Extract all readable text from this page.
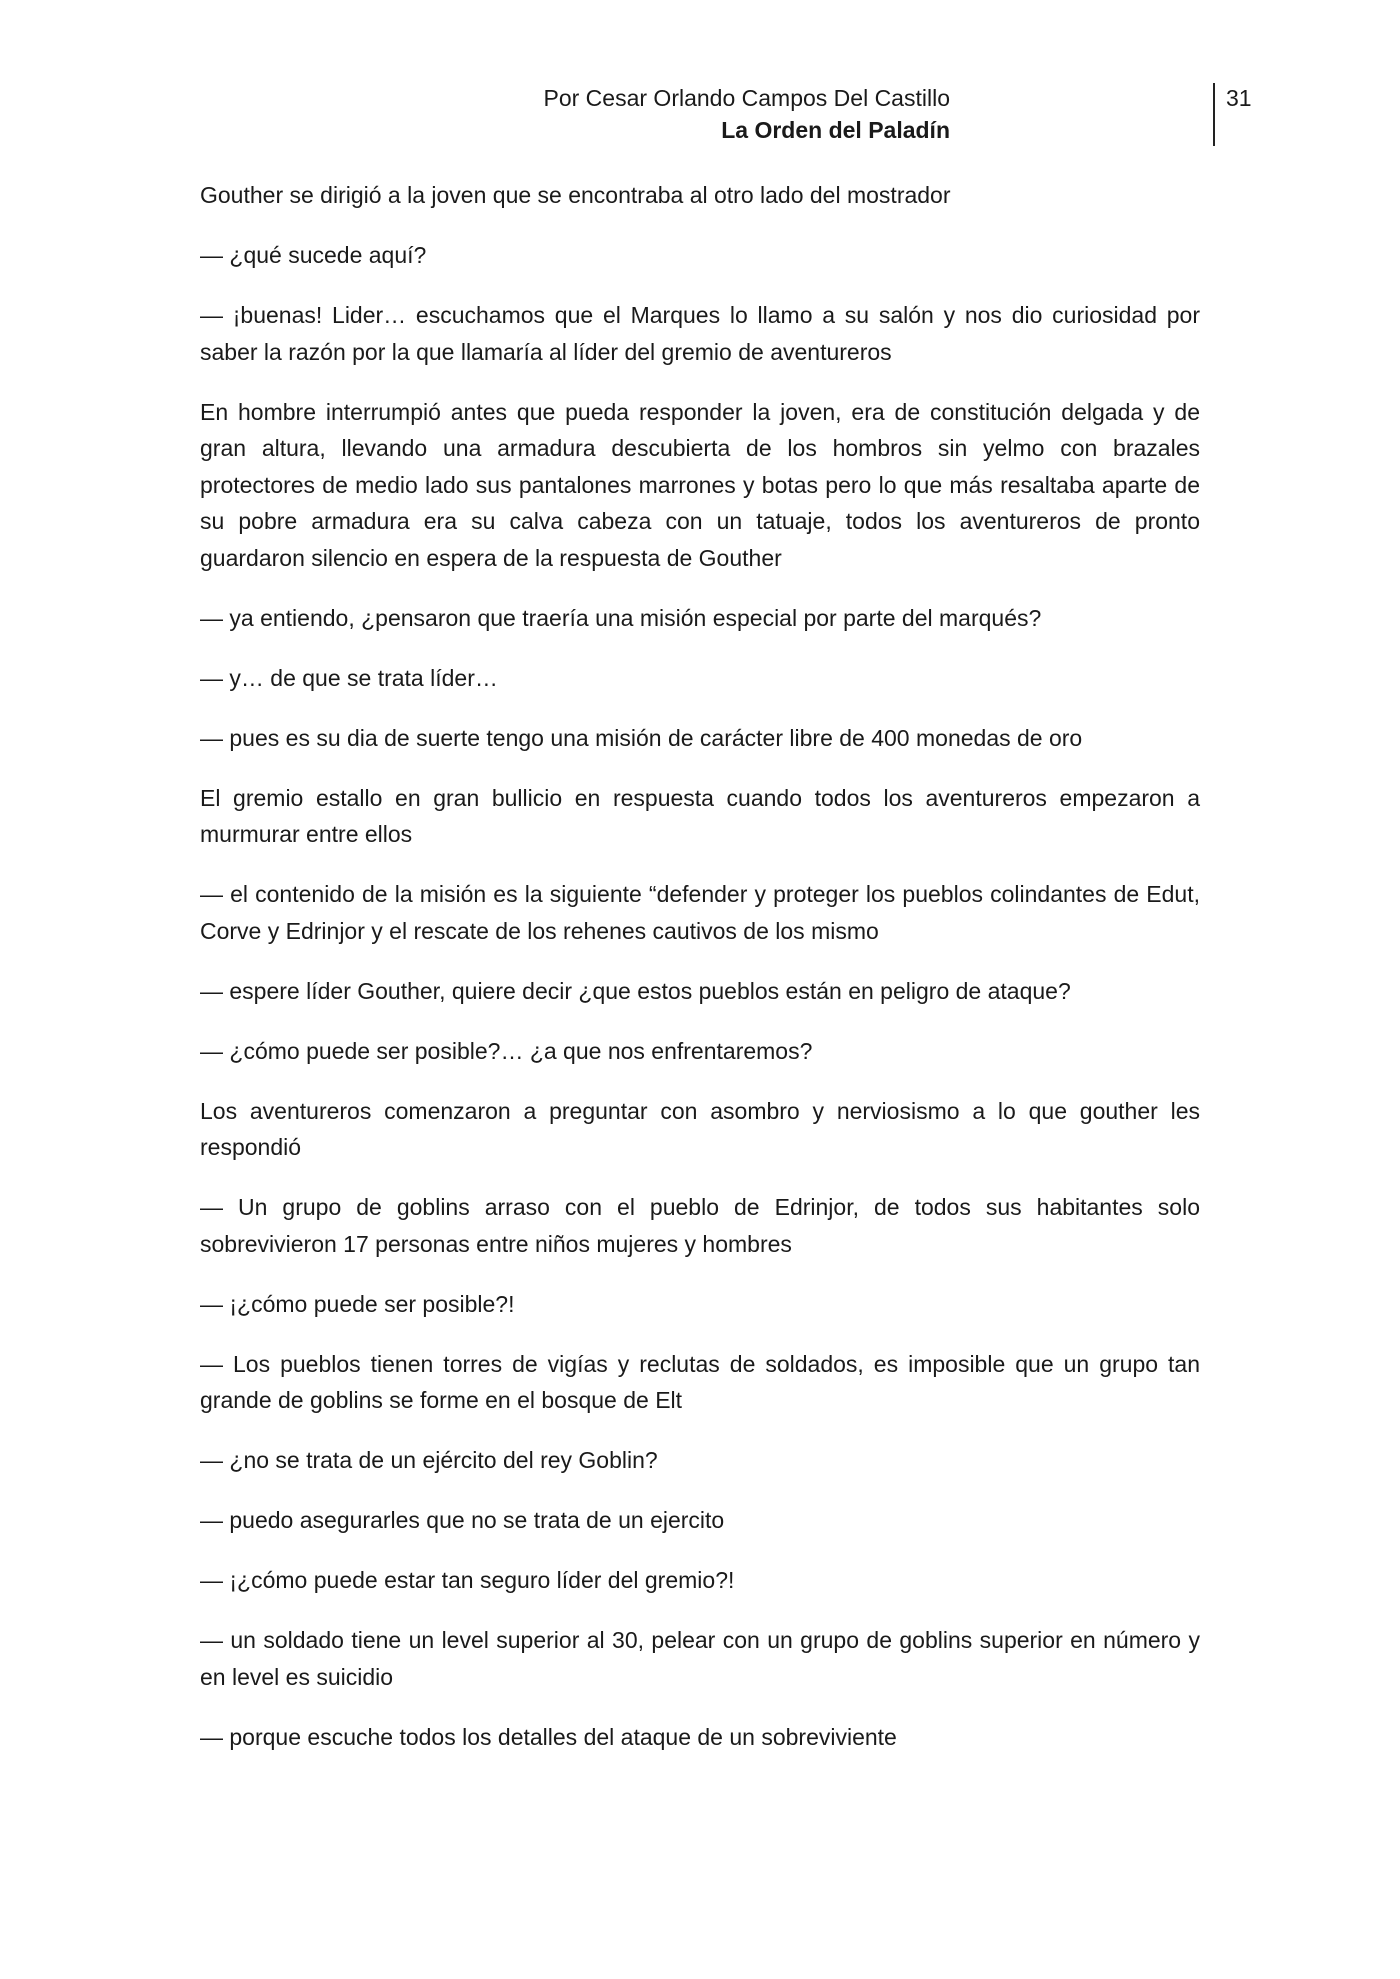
Por Cesar Orlando Campos Del Castillo
La Orden del Paladín
31

Gouther se dirigió a la joven que se encontraba al otro lado del mostrador

— ¿qué sucede aquí?

— ¡buenas! Lider… escuchamos que el Marques lo llamo a su salón y nos dio curiosidad por saber la razón por la que llamaría al líder del gremio de aventureros

En hombre interrumpió antes que pueda responder la joven, era de constitución delgada y de gran altura, llevando una armadura descubierta de los hombros sin yelmo con brazales protectores de medio lado sus pantalones marrones y botas pero lo que más resaltaba aparte de su pobre armadura era su calva cabeza con un tatuaje, todos los aventureros de pronto guardaron silencio en espera de la respuesta de Gouther

— ya entiendo, ¿pensaron que traería una misión especial por parte del marqués?

— y… de que se trata líder…

— pues es su dia de suerte tengo una misión de carácter libre de 400 monedas de oro

El gremio estallo en gran bullicio en respuesta cuando todos los aventureros empezaron a murmurar entre ellos

— el contenido de la misión es la siguiente “defender y proteger los pueblos colindantes de Edut, Corve y Edrinjor y el rescate de los rehenes cautivos de los mismo

— espere líder Gouther, quiere decir ¿que estos pueblos están en peligro de ataque?

— ¿cómo puede ser posible?… ¿a que nos enfrentaremos?

Los aventureros comenzaron a preguntar con asombro y nerviosismo a lo que gouther les respondió

— Un grupo de goblins arraso con el pueblo de Edrinjor, de todos sus habitantes solo sobrevivieron 17 personas entre niños mujeres y hombres

— ¡¿cómo puede ser posible?!

— Los pueblos tienen torres de vigías y reclutas de soldados, es imposible que un grupo tan grande de goblins se forme en el bosque de Elt

— ¿no se trata de un ejército del rey Goblin?

— puedo asegurarles que no se trata de un ejercito

— ¡¿cómo puede estar tan seguro líder del gremio?!

— un soldado tiene un level superior al 30, pelear con un grupo de goblins superior en número y en level es suicidio

— porque escuche todos los detalles del ataque de un sobreviviente
